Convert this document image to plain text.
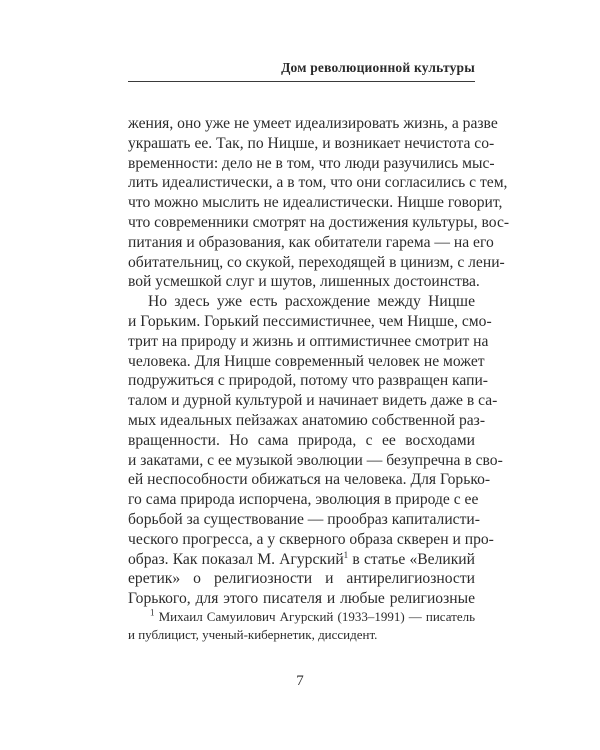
Дом революционной культуры
жения, оно уже не умеет идеализировать жизнь, а разве
украшать ее. Так, по Ницше, и возникает нечистота со-
временности: дело не в том, что люди разучились мыс-
лить идеалистически, а в том, что они согласились с тем,
что можно мыслить не идеалистически. Ницше говорит,
что современники смотрят на достижения культуры, вос-
питания и образования, как обитатели гарема — на его
обитательниц, со скукой, переходящей в цинизм, с лени-
вой усмешкой слуг и шутов, лишенных достоинства.
Но здесь уже есть расхождение между Ницше
и Горьким. Горький пессимистичнее, чем Ницше, смо-
трит на природу и жизнь и оптимистичнее смотрит на
человека. Для Ницше современный человек не может
подружиться с природой, потому что развращен капи-
талом и дурной культурой и начинает видеть даже в са-
мых идеальных пейзажах анатомию собственной раз-
вращенности. Но сама природа, с ее восходами
и закатами, с ее музыкой эволюции — безупречна в сво-
ей неспособности обижаться на человека. Для Горько-
го сама природа испорчена, эволюция в природе с ее
борьбой за существование — прообраз капиталисти-
ческого прогресса, а у скверного образа скверен и про-
образ. Как показал М. Агурский$^1$ в статье «Великий
еретик» о религиозности и антирелигиозности
Горького, для этого писателя и любые религиозные
$^1$ Михаил Самуилович Агурский (1933–1991) — писатель
и публицист, ученый-кибернетик, диссидент.
7
